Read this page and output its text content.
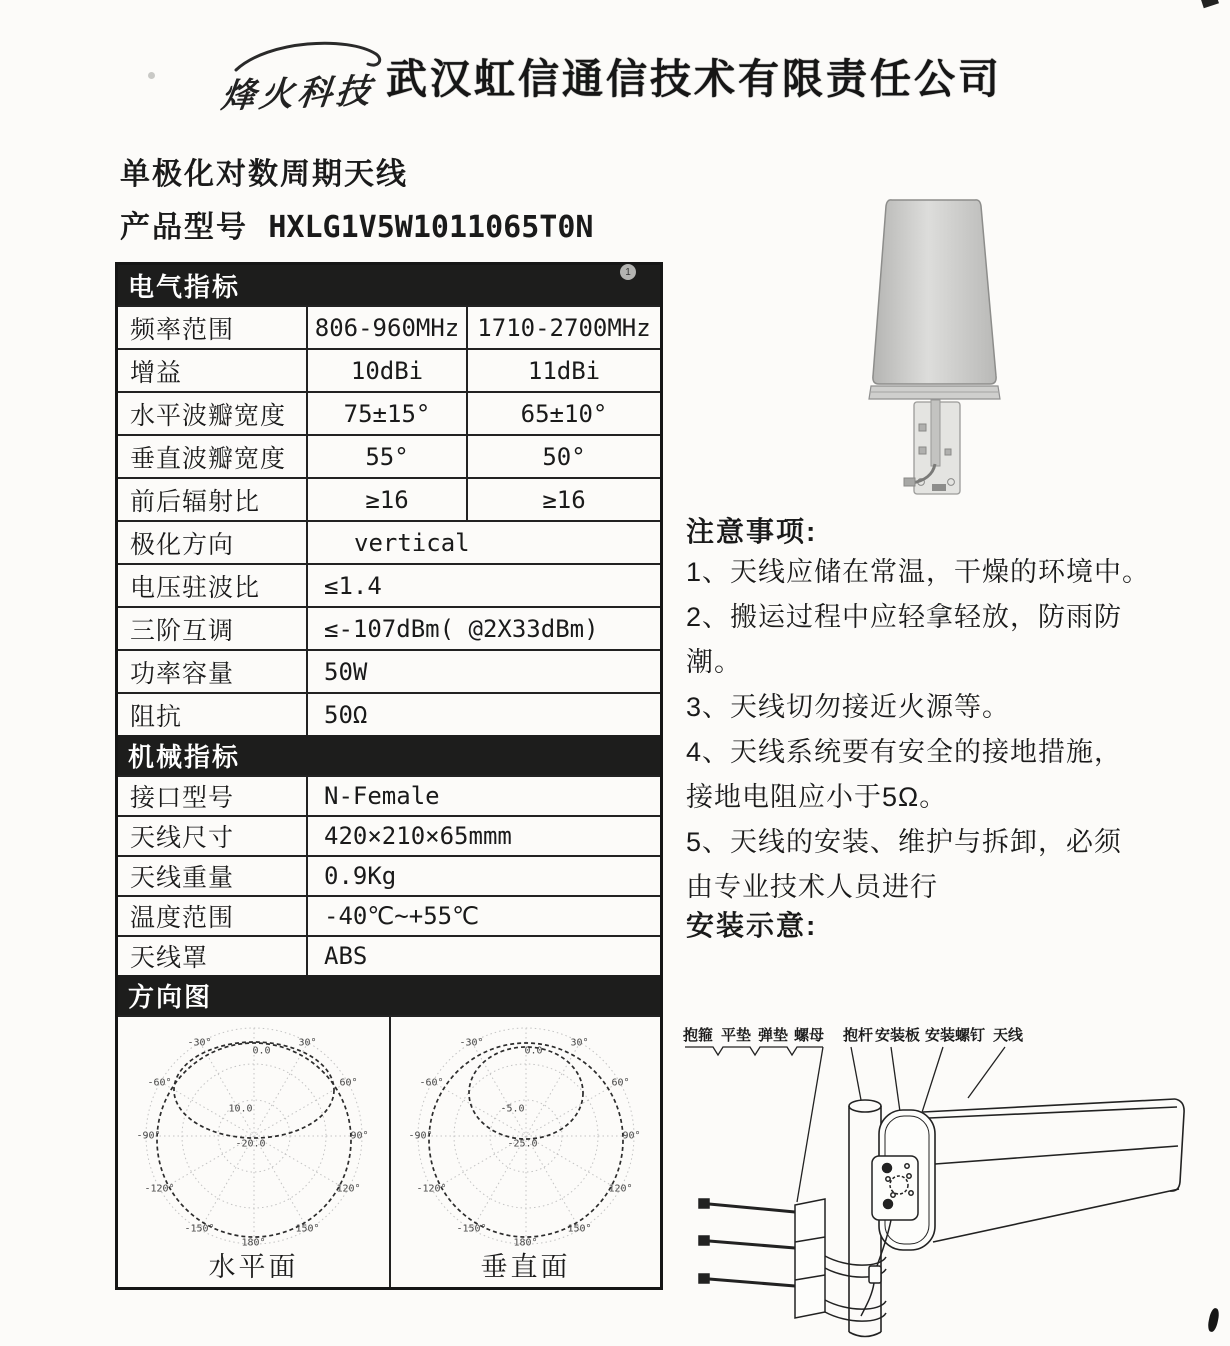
烽火科技 武汉虹信通信技术有限责任公司
单极化对数周期天线
产品型号 HXLG1V5W1011065T0N
电气指标
频率范围	806-960MHz 1710-2700MHz
增益	10dBi	11dBi
水平波瓣宽度	75±15°	65±10°
垂直波瓣宽度	55°	50°
前后辐射比	≥16	≥16
极化方向	vertical
电压驻波比	≤1.4
三阶互调	≤-107dBm( @2X33dBm)
功率容量	50W
阻抗	50Ω
机械指标
接口型号	N-Female
天线尺寸	420×210×65mmm
天线重量	0.9Kg
温度范围	-40℃~+55℃
天线罩	ABS
方向图
-30°	30°
-60°	60°
-90°	90°
-120°	120°
-150°	150°
180°
0.0
10.0
-20.0
水平面
-30°	30°
-60°	60°
-90°	90°
-120°	120°
-150°	150°
180°
0.0
-5.0
-25.0
垂直面
注意事项:
1、天线应储在常温，干燥的环境中。
2、搬运过程中应轻拿轻放，防雨防
潮。
3、天线切勿接近火源等。
4、天线系统要有安全的接地措施，
接地电阻应小于5Ω。
5、天线的安装、维护与拆卸，必须
由专业技术人员进行
安装示意:
抱箍 平垫 弹垫 螺母 抱杆 安装板 安装螺钉 天线
1
